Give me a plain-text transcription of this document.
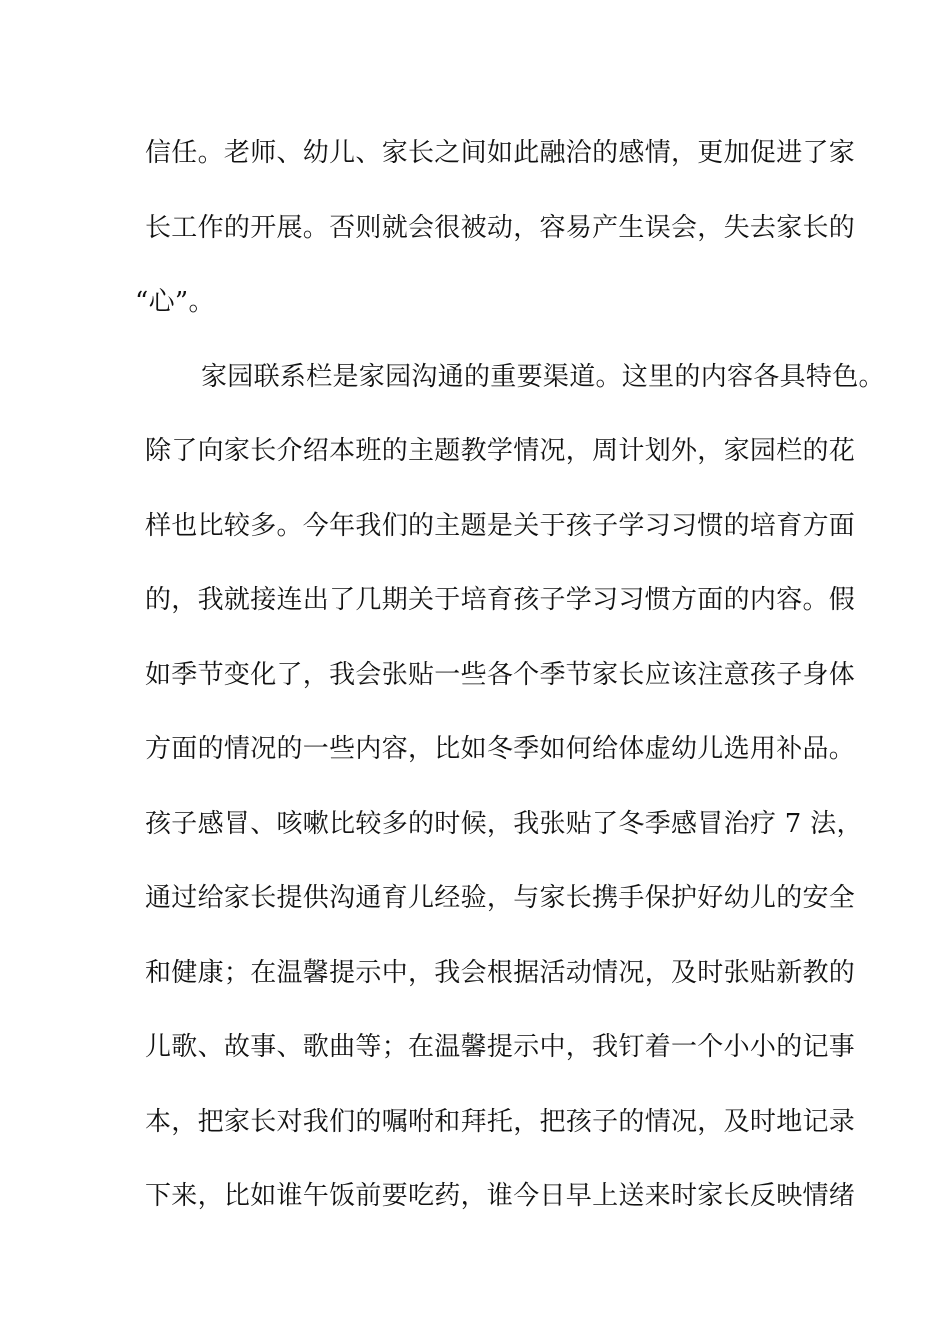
信任。老师、幼儿、家长之间如此融洽的感情，更加促进了家
长工作的开展。否则就会很被动，容易产生误会，失去家长的
“心”。
家园联系栏是家园沟通的重要渠道。这里的内容各具特色。
除了向家长介绍本班的主题教学情况，周计划外，家园栏的花
样也比较多。今年我们的主题是关于孩子学习习惯的培育方面
的，我就接连出了几期关于培育孩子学习习惯方面的内容。假
如季节变化了，我会张贴一些各个季节家长应该注意孩子身体
方面的情况的一些内容，比如冬季如何给体虚幼儿选用补品。
孩子感冒、咳嗽比较多的时候，我张贴了冬季感冒治疗 7 法，
通过给家长提供沟通育儿经验，与家长携手保护好幼儿的安全
和健康；在温馨提示中，我会根据活动情况，及时张贴新教的
儿歌、故事、歌曲等；在温馨提示中，我钉着一个小小的记事
本，把家长对我们的嘱咐和拜托，把孩子的情况，及时地记录
下来，比如谁午饭前要吃药，谁今日早上送来时家长反映情绪
